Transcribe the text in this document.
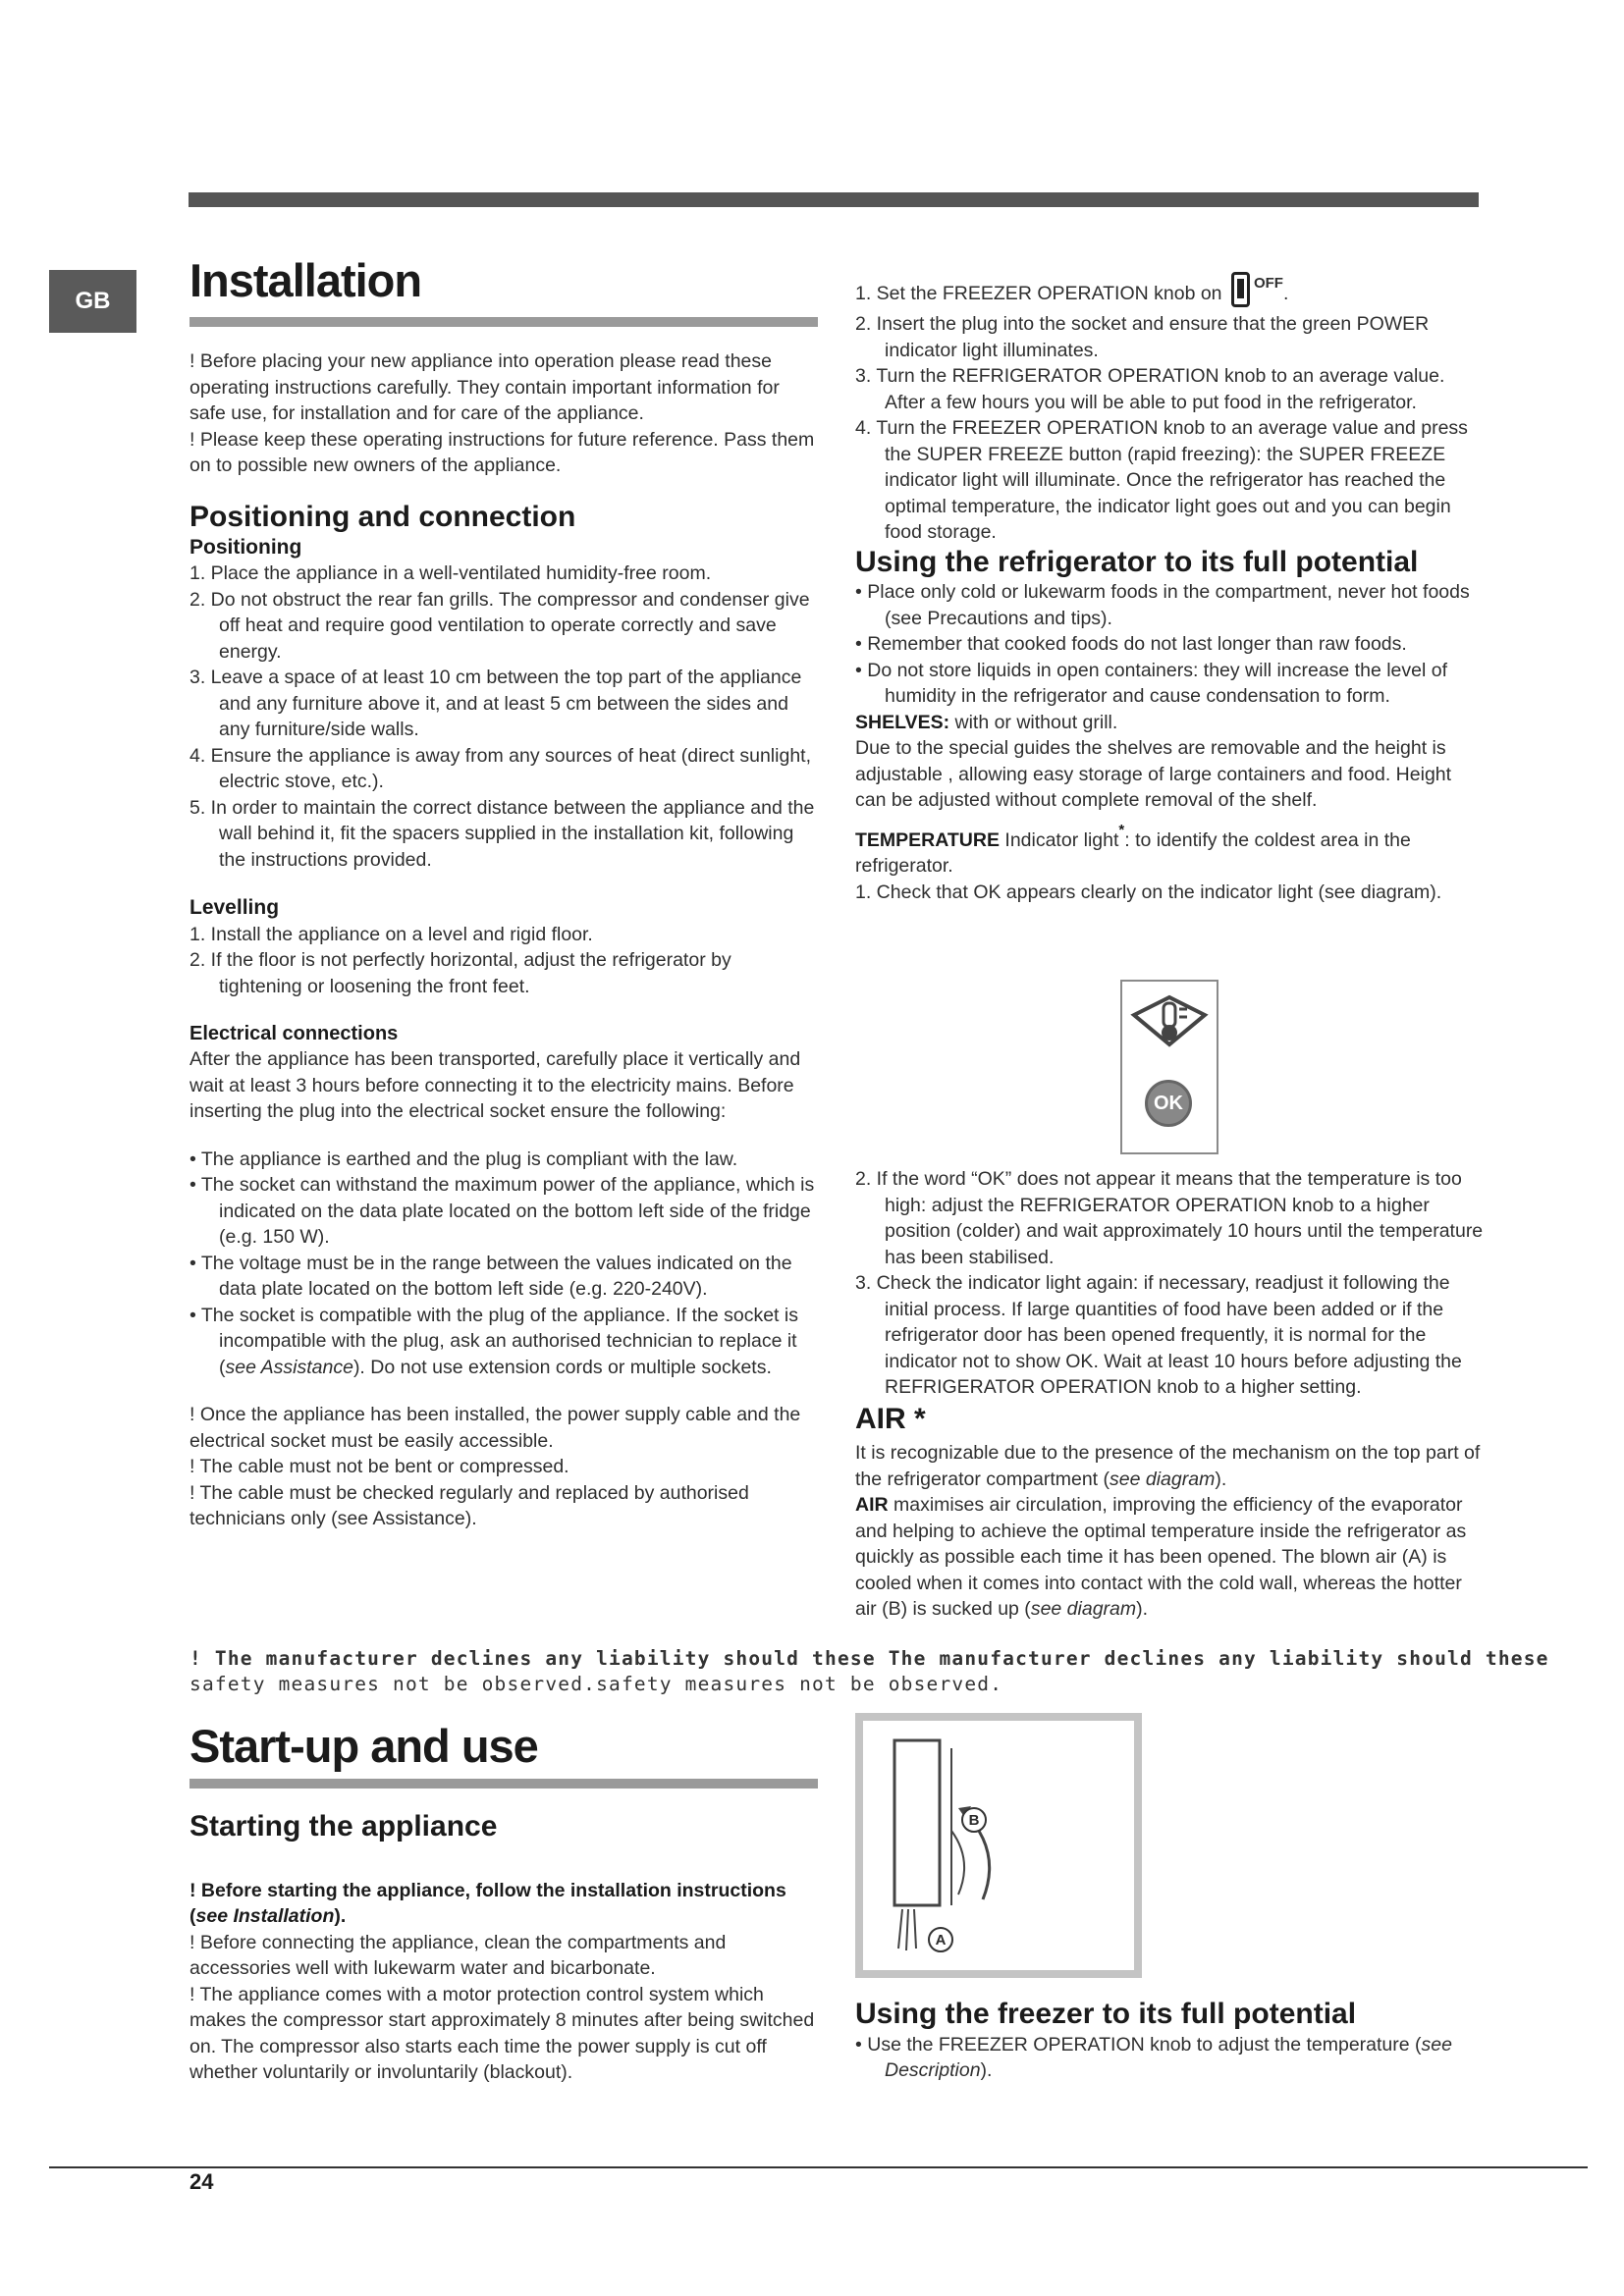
GB	Installation

! Before placing your new appliance into operation please read these operating instructions carefully. They contain important information for safe use, for installation and for care of the appliance.

! Please keep these operating instructions for future reference. Pass them on to possible new owners of the appliance.

Positioning and connection
Positioning
1. Place the appliance in a well-ventilated humidity-free room.
2. Do not obstruct the rear fan grills. The compressor and condenser give off heat and require good ventilation to operate correctly and save energy.
3. Leave a space of at least 10 cm between the top part of the appliance and any furniture above it, and at least 5 cm between the sides and any furniture/side walls.
4. Ensure the appliance is away from any sources of heat (direct sunlight, electric stove, etc.).
5. In order to maintain the correct distance between the appliance and the wall behind it, fit the spacers supplied in the installation kit, following the instructions provided.
Levelling
1. Install the appliance on a level and rigid floor.
2. If the floor is not perfectly horizontal, adjust the refrigerator by tightening or loosening the front feet.
Electrical connections

After the appliance has been transported, carefully place it vertically and wait at least 3 hours before connecting it to the electricity mains. Before inserting the plug into the electrical socket ensure the following:

• The appliance is earthed and the plug is compliant with the law.
• The socket can withstand the maximum power of the appliance, which is indicated on the data plate located on the bottom left side of the fridge (e.g. 150 W).
• The voltage must be in the range between the values indicated on the data plate located on the bottom left side (e.g. 220-240V).
• The socket is compatible with the plug of the appliance. If the socket is incompatible with the plug, ask an authorised technician to replace it (see Assistance). Do not use extension cords or multiple sockets.

! Once the appliance has been installed, the power supply cable and the electrical socket must be easily accessible.

! The cable must not be bent or compressed.

! The cable must be checked regularly and replaced by authorised technicians only (see Assistance).

! The manufacturer declines any liability should these The manufacturer declines any liability should these
safety measures not be observed.safety measures not be observed.
Start-up and use
Starting the appliance

! Before starting the appliance, follow the installation instructions (see Installation).

! Before connecting the appliance, clean the compartments and accessories well with lukewarm water and bicarbonate.

! The appliance comes with a motor protection control system which makes the compressor start approximately 8 minutes after being switched on. The compressor also starts each time the power supply is cut off whether voluntarily or involuntarily (blackout).

1. Set the FREEZER OPERATION knob on $^{OFF}$.

2. Insert the plug into the socket and ensure that the green POWER indicator light illuminates.
3. Turn the REFRIGERATOR OPERATION knob to an average value. After a few hours you will be able to put food in the refrigerator.
4. Turn the FREEZER OPERATION knob to an average value and press the SUPER FREEZE button (rapid freezing): the SUPER FREEZE indicator light will illuminate. Once the refrigerator has reached the optimal temperature, the indicator light goes out and you can begin food storage.
Using the refrigerator to its full potential
• Place only cold or lukewarm foods in the compartment, never hot foods (see Precautions and tips).
• Remember that cooked foods do not last longer than raw foods.
• Do not store liquids in open containers: they will increase the level of humidity in the refrigerator and cause condensation to form.

SHELVES: with or without grill.

Due to the special guides the shelves are removable and the height is adjustable , allowing easy storage of large containers and food. Height can be adjusted without complete removal of the shelf.

TEMPERATURE Indicator light*: to identify the coldest area in the refrigerator.

1. Check that OK appears clearly on the indicator light (see diagram).
OK
2. If the word “OK” does not appear it means that the temperature is too high: adjust the REFRIGERATOR OPERATION knob to a higher position (colder) and wait approximately 10 hours until the temperature has been stabilised.
3. Check the indicator light again: if necessary, readjust it following the initial process. If large quantities of food have been added or if the refrigerator door has been opened frequently, it is normal for the indicator not to show OK. Wait at least 10 hours before adjusting the REFRIGERATOR OPERATION knob to a higher setting.
AIR *

It is recognizable due to the presence of the mechanism on the top part of the refrigerator compartment (see diagram).

AIR maximises air circulation, improving the efficiency of the evaporator and helping to achieve the optimal temperature inside the refrigerator as quickly as possible each time it has been opened. The blown air (A) is cooled when it comes into contact with the cold wall, whereas the hotter air (B) is sucked up (see diagram).

B
A
Using the freezer to its full potential
• Use the FREEZER OPERATION knob to adjust the temperature (see Description).
24
